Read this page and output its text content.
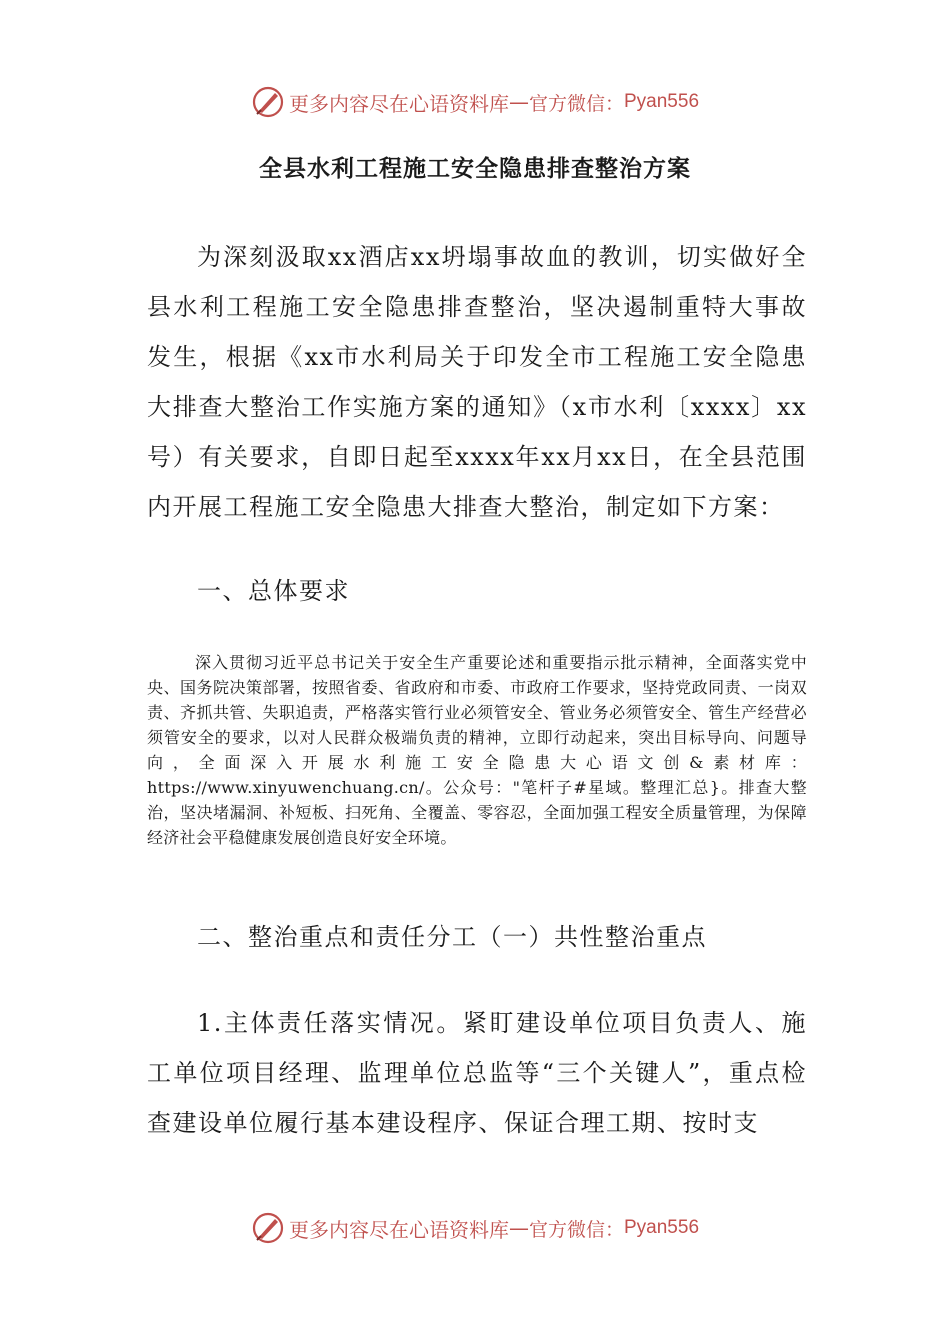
更多内容尽在心语资料库 — 官方微信： Pyan556
全县水利工程施工安全隐患排查整治方案

为深刻汲取xx酒店xx坍塌事故血的教训，切实做好全县水利工程施工安全隐患排查整治，坚决遏制重特大事故发生，根据《xx市水利局关于印发全市工程施工安全隐患大排查大整治工作实施方案的通知》（x市水利〔xxxx〕xx号）有关要求，自即日起至xxxx年xx月xx日，在全县范围内开展工程施工安全隐患大排查大整治，制定如下方案：

一、总体要求

深入贯彻习近平总书记关于安全生产重要论述和重要指示批示精神，全面落实党中央、国务院决策部署，按照省委、省政府和市委、市政府工作要求，坚持党政同责、一岗双责、齐抓共管、失职追责，严格落实管行业必须管安全、管业务必须管安全、管生产经营必须管安全的要求，以对人民群众极端负责的精神，立即行动起来，突出目标导向、问题导向，全面深入开展水利施工安全隐患大心语文创&素材库：https://www.xinyuwenchuang.cn/。公众号："笔杆子#星域。整理汇总}。排查大整治，坚决堵漏洞、补短板、扫死角、全覆盖、零容忍，全面加强工程安全质量管理，为保障经济社会平稳健康发展创造良好安全环境。

二、整治重点和责任分工（一）共性整治重点

1.主体责任落实情况。紧盯建设单位项目负责人、施工单位项目经理、监理单位总监等“三个关键人”，重点检查建设单位履行基本建设程序、保证合理工期、按时支

更多内容尽在心语资料库 — 官方微信： Pyan556
